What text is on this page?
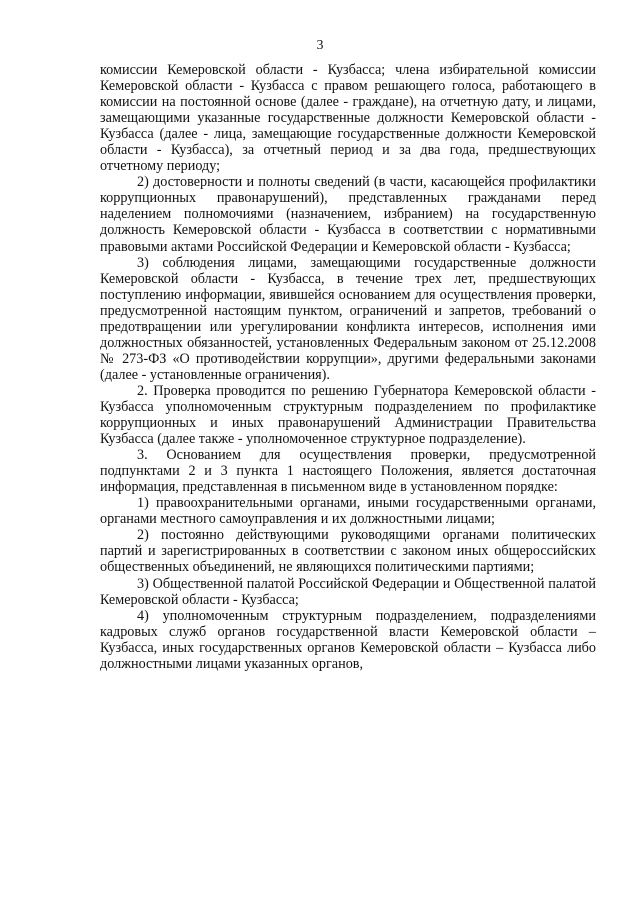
3

комиссии Кемеровской области - Кузбасса; члена избирательной комиссии Кемеровской области - Кузбасса с правом решающего голоса, работающего в комиссии на постоянной основе (далее - граждане), на отчетную дату, и лицами, замещающими указанные государственные должности Кемеровской области - Кузбасса (далее - лица, замещающие государственные должности Кемеровской области - Кузбасса), за отчетный период и за два года, предшествующих отчетному периоду;

2) достоверности и полноты сведений (в части, касающейся профилактики коррупционных правонарушений), представленных гражданами перед наделением полномочиями (назначением, избранием) на государственную должность Кемеровской области - Кузбасса в соответствии с нормативными правовыми актами Российской Федерации и Кемеровской области - Кузбасса;

3) соблюдения лицами, замещающими государственные должности Кемеровской области - Кузбасса, в течение трех лет, предшествующих поступлению информации, явившейся основанием для осуществления проверки, предусмотренной настоящим пунктом, ограничений и запретов, требований о предотвращении или урегулировании конфликта интересов, исполнения ими должностных обязанностей, установленных Федеральным законом от 25.12.2008 № 273-ФЗ «О противодействии коррупции», другими федеральными законами (далее - установленные ограничения).

2. Проверка проводится по решению Губернатора Кемеровской области - Кузбасса уполномоченным структурным подразделением по профилактике коррупционных и иных правонарушений Администрации Правительства Кузбасса (далее также - уполномоченное структурное подразделение).

3. Основанием для осуществления проверки, предусмотренной подпунктами 2 и 3 пункта 1 настоящего Положения, является достаточная информация, представленная в письменном виде в установленном порядке:

1) правоохранительными органами, иными государственными органами, органами местного самоуправления и их должностными лицами;

2) постоянно действующими руководящими органами политических партий и зарегистрированных в соответствии с законом иных общероссийских общественных объединений, не являющихся политическими партиями;

3) Общественной палатой Российской Федерации и Общественной палатой Кемеровской области - Кузбасса;

4) уполномоченным структурным подразделением, подразделениями кадровых служб органов государственной власти Кемеровской области – Кузбасса, иных государственных органов Кемеровской области – Кузбасса либо должностными лицами указанных органов,
